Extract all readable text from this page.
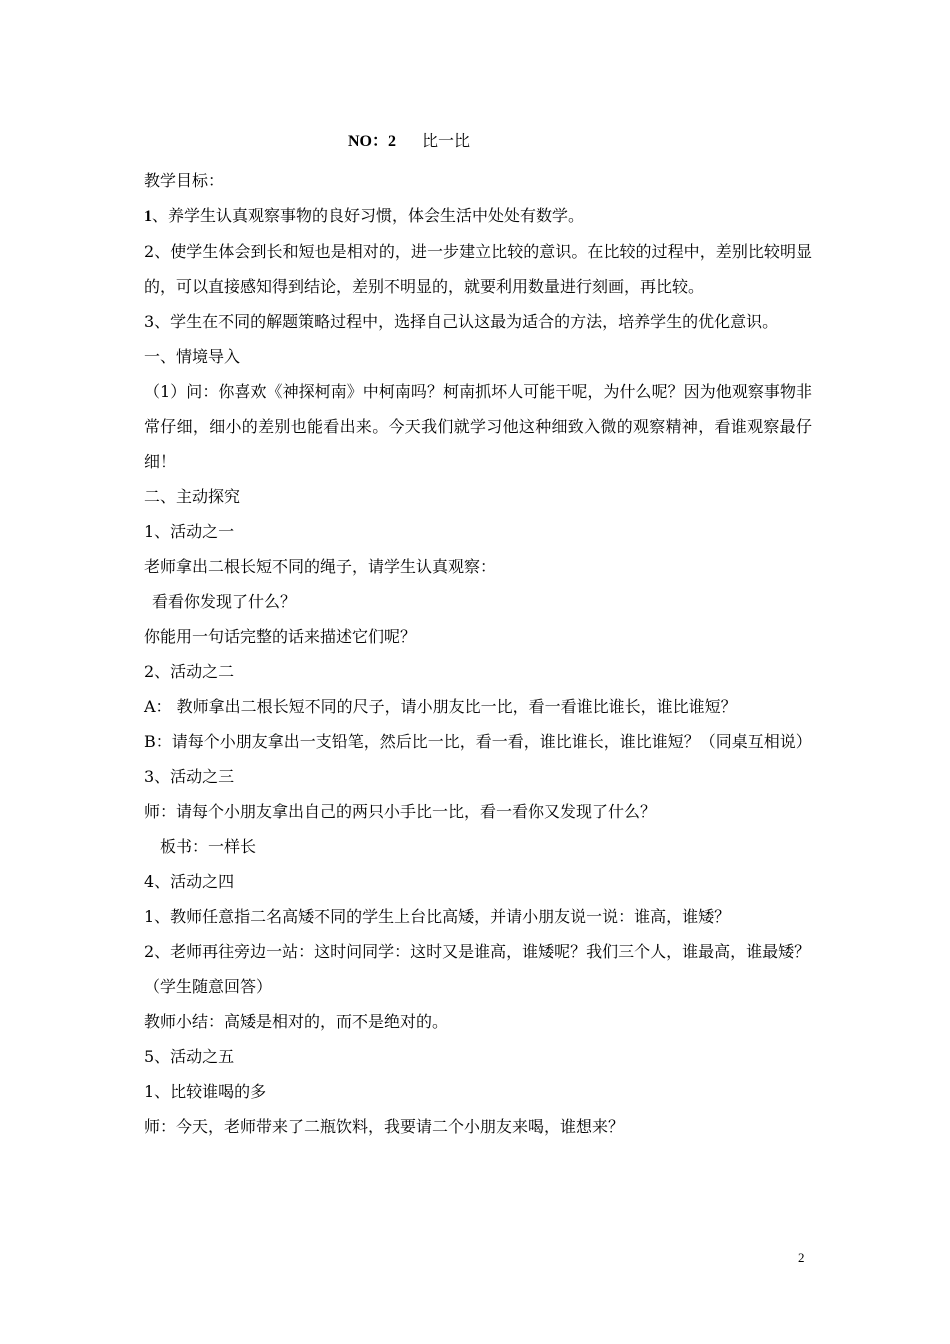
NO：2 比一比

教学目标：

1、养学生认真观察事物的良好习惯，体会生活中处处有数学。

2、使学生体会到长和短也是相对的，进一步建立比较的意识。在比较的过程中，差别比较明显的，可以直接感知得到结论，差别不明显的，就要利用数量进行刻画，再比较。

3、学生在不同的解题策略过程中，选择自己认这最为适合的方法，培养学生的优化意识。

一、情境导入

（1）问：你喜欢《神探柯南》中柯南吗？柯南抓坏人可能干呢，为什么呢？因为他观察事物非常仔细，细小的差别也能看出来。今天我们就学习他这种细致入微的观察精神，看谁观察最仔细！

二、主动探究

1、活动之一

老师拿出二根长短不同的绳子，请学生认真观察：

看看你发现了什么？

你能用一句话完整的话来描述它们呢？

2、活动之二

A： 教师拿出二根长短不同的尺子，请小朋友比一比，看一看谁比谁长，谁比谁短？

B：请每个小朋友拿出一支铅笔，然后比一比，看一看，谁比谁长，谁比谁短？（同桌互相说）

3、活动之三

师：请每个小朋友拿出自己的两只小手比一比，看一看你又发现了什么？

板书：一样长

4、活动之四

1、教师任意指二名高矮不同的学生上台比高矮，并请小朋友说一说：谁高，谁矮？

2、老师再往旁边一站：这时问同学：这时又是谁高，谁矮呢？我们三个人，谁最高，谁最矮？

（学生随意回答）

教师小结：高矮是相对的，而不是绝对的。

5、活动之五

1、比较谁喝的多

师：今天，老师带来了二瓶饮料，我要请二个小朋友来喝，谁想来？

2
